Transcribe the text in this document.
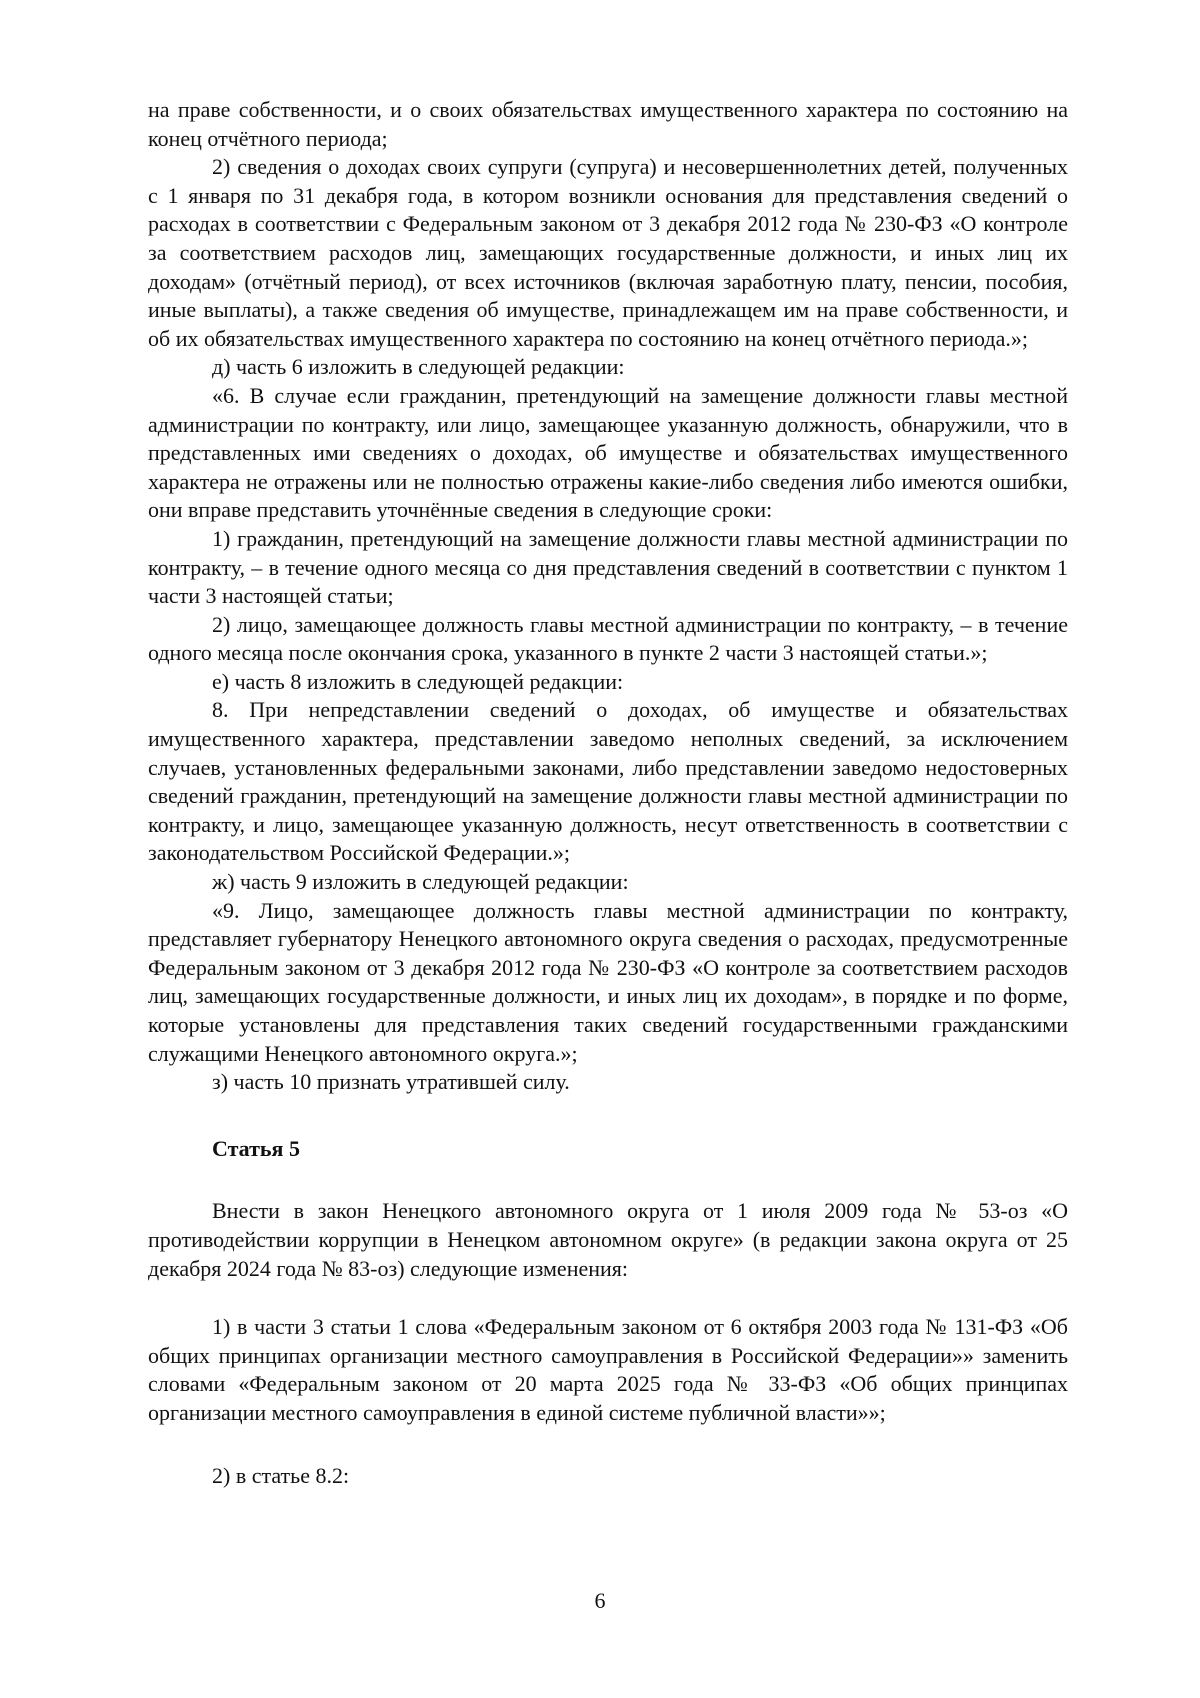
на праве собственности, и о своих обязательствах имущественного характера по состоянию на конец отчётного периода;

2) сведения о доходах своих супруги (супруга) и несовершеннолетних детей, полученных с 1 января по 31 декабря года, в котором возникли основания для представления сведений о расходах в соответствии с Федеральным законом от 3 декабря 2012 года № 230-ФЗ «О контроле за соответствием расходов лиц, замещающих государственные должности, и иных лиц их доходам» (отчётный период), от всех источников (включая заработную плату, пенсии, пособия, иные выплаты), а также сведения об имуществе, принадлежащем им на праве собственности, и об их обязательствах имущественного характера по состоянию на конец отчётного периода.»;

д) часть 6 изложить в следующей редакции:

«6. В случае если гражданин, претендующий на замещение должности главы местной администрации по контракту, или лицо, замещающее указанную должность, обнаружили, что в представленных ими сведениях о доходах, об имуществе и обязательствах имущественного характера не отражены или не полностью отражены какие-либо сведения либо имеются ошибки, они вправе представить уточнённые сведения в следующие сроки:

1) гражданин, претендующий на замещение должности главы местной администрации по контракту, – в течение одного месяца со дня представления сведений в соответствии с пунктом 1 части 3 настоящей статьи;

2) лицо, замещающее должность главы местной администрации по контракту, – в течение одного месяца после окончания срока, указанного в пункте 2 части 3 настоящей статьи.»;

е) часть 8 изложить в следующей редакции:

8. При непредставлении сведений о доходах, об имуществе и обязательствах имущественного характера, представлении заведомо неполных сведений, за исключением случаев, установленных федеральными законами, либо представлении заведомо недостоверных сведений гражданин, претендующий на замещение должности главы местной администрации по контракту, и лицо, замещающее указанную должность, несут ответственность в соответствии с законодательством Российской Федерации.»;

ж) часть 9 изложить в следующей редакции:

«9. Лицо, замещающее должность главы местной администрации по контракту, представляет губернатору Ненецкого автономного округа сведения о расходах, предусмотренные Федеральным законом от 3 декабря 2012 года № 230-ФЗ «О контроле за соответствием расходов лиц, замещающих государственные должности, и иных лиц их доходам», в порядке и по форме, которые установлены для представления таких сведений государственными гражданскими служащими Ненецкого автономного округа.»;

з) часть 10 признать утратившей силу.

Статья 5

Внести в закон Ненецкого автономного округа от 1 июля 2009 года № 53-оз «О противодействии коррупции в Ненецком автономном округе» (в редакции закона округа от 25 декабря 2024 года № 83-оз) следующие изменения:

1) в части 3 статьи 1 слова «Федеральным законом от 6 октября 2003 года № 131-ФЗ «Об общих принципах организации местного самоуправления в Российской Федерации»» заменить словами «Федеральным законом от 20 марта 2025 года № 33-ФЗ «Об общих принципах организации местного самоуправления в единой системе публичной власти»»;

2) в статье 8.2:

6
